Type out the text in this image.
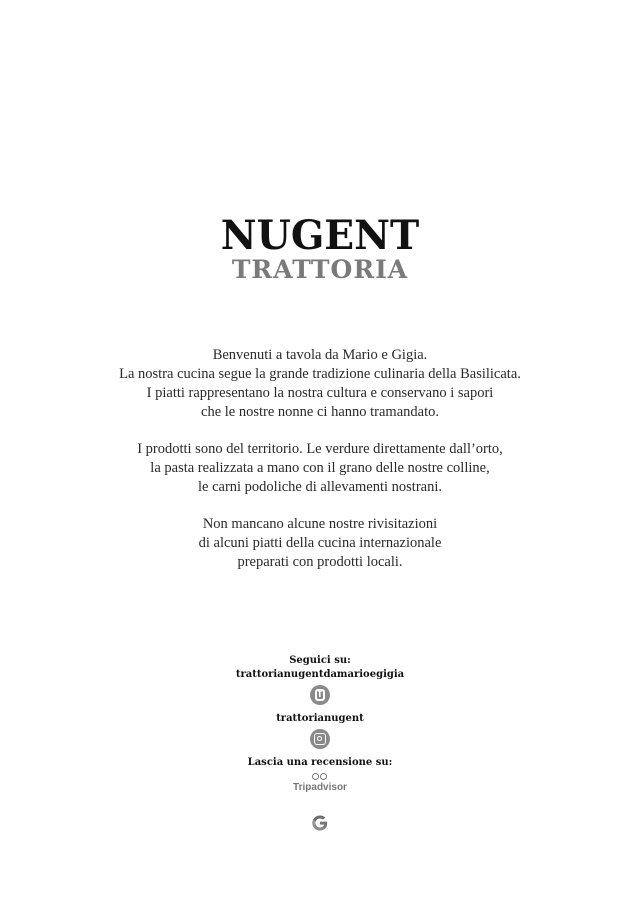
NUGENT
TRATTORIA

Benvenuti a tavola da Mario e Gigia.
La nostra cucina segue la grande tradizione culinaria della Basilicata.
I piatti rappresentano la nostra cultura e conservano i sapori
che le nostre nonne ci hanno tramandato.

I prodotti sono del territorio. Le verdure direttamente dall’orto,
la pasta realizzata a mano con il grano delle nostre colline,
le carni podoliche di allevamenti nostrani.

Non mancano alcune nostre rivisitazioni
di alcuni piatti della cucina internazionale
preparati con prodotti locali.

Seguici su:
trattorianugentdamarioegigia
f
trattorianugent
Lascia una recensione su:
Tripadvisor
